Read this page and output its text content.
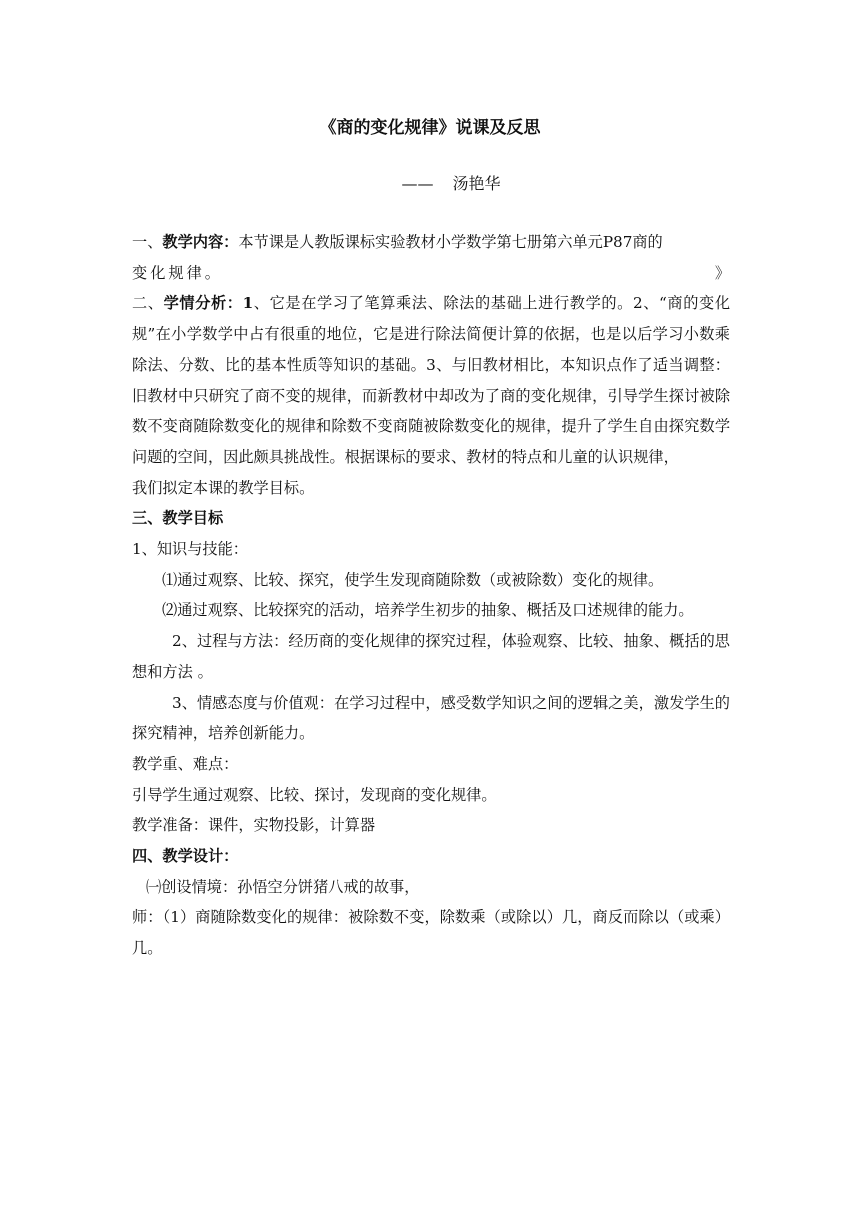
《商的变化规律》说课及反思
—— 汤艳华

一、教学内容：本节课是人教版课标实验教材小学数学第七册第六单元P87商的

变化规律。	》

二、学情分析：1、它是在学习了笔算乘法、除法的基础上进行教学的。2、“商的变化规”在小学数学中占有很重的地位，它是进行除法简便计算的依据，也是以后学习小数乘除法、分数、比的基本性质等知识的基础。3、与旧教材相比，本知识点作了适当调整：旧教材中只研究了商不变的规律，而新教材中却改为了商的变化规律，引导学生探讨被除数不变商随除数变化的规律和除数不变商随被除数变化的规律，提升了学生自由探究数学问题的空间，因此颇具挑战性。根据课标的要求、教材的特点和儿童的认识规律，

我们拟定本课的教学目标。

三、教学目标

1、知识与技能：

⑴通过观察、比较、探究，使学生发现商随除数（或被除数）变化的规律。

⑵通过观察、比较探究的活动，培养学生初步的抽象、概括及口述规律的能力。

2、过程与方法：经历商的变化规律的探究过程，体验观察、比较、抽象、概括的思想和方法 。

3、情感态度与价值观：在学习过程中，感受数学知识之间的逻辑之美，激发学生的探究精神，培养创新能力。

教学重、难点：

引导学生通过观察、比较、探讨，发现商的变化规律。

教学准备：课件，实物投影，计算器

四、教学设计：

㈠创设情境：孙悟空分饼猪八戒的故事，

师：（1）商随除数变化的规律：被除数不变，除数乘（或除以）几，商反而除以（或乘）几。
